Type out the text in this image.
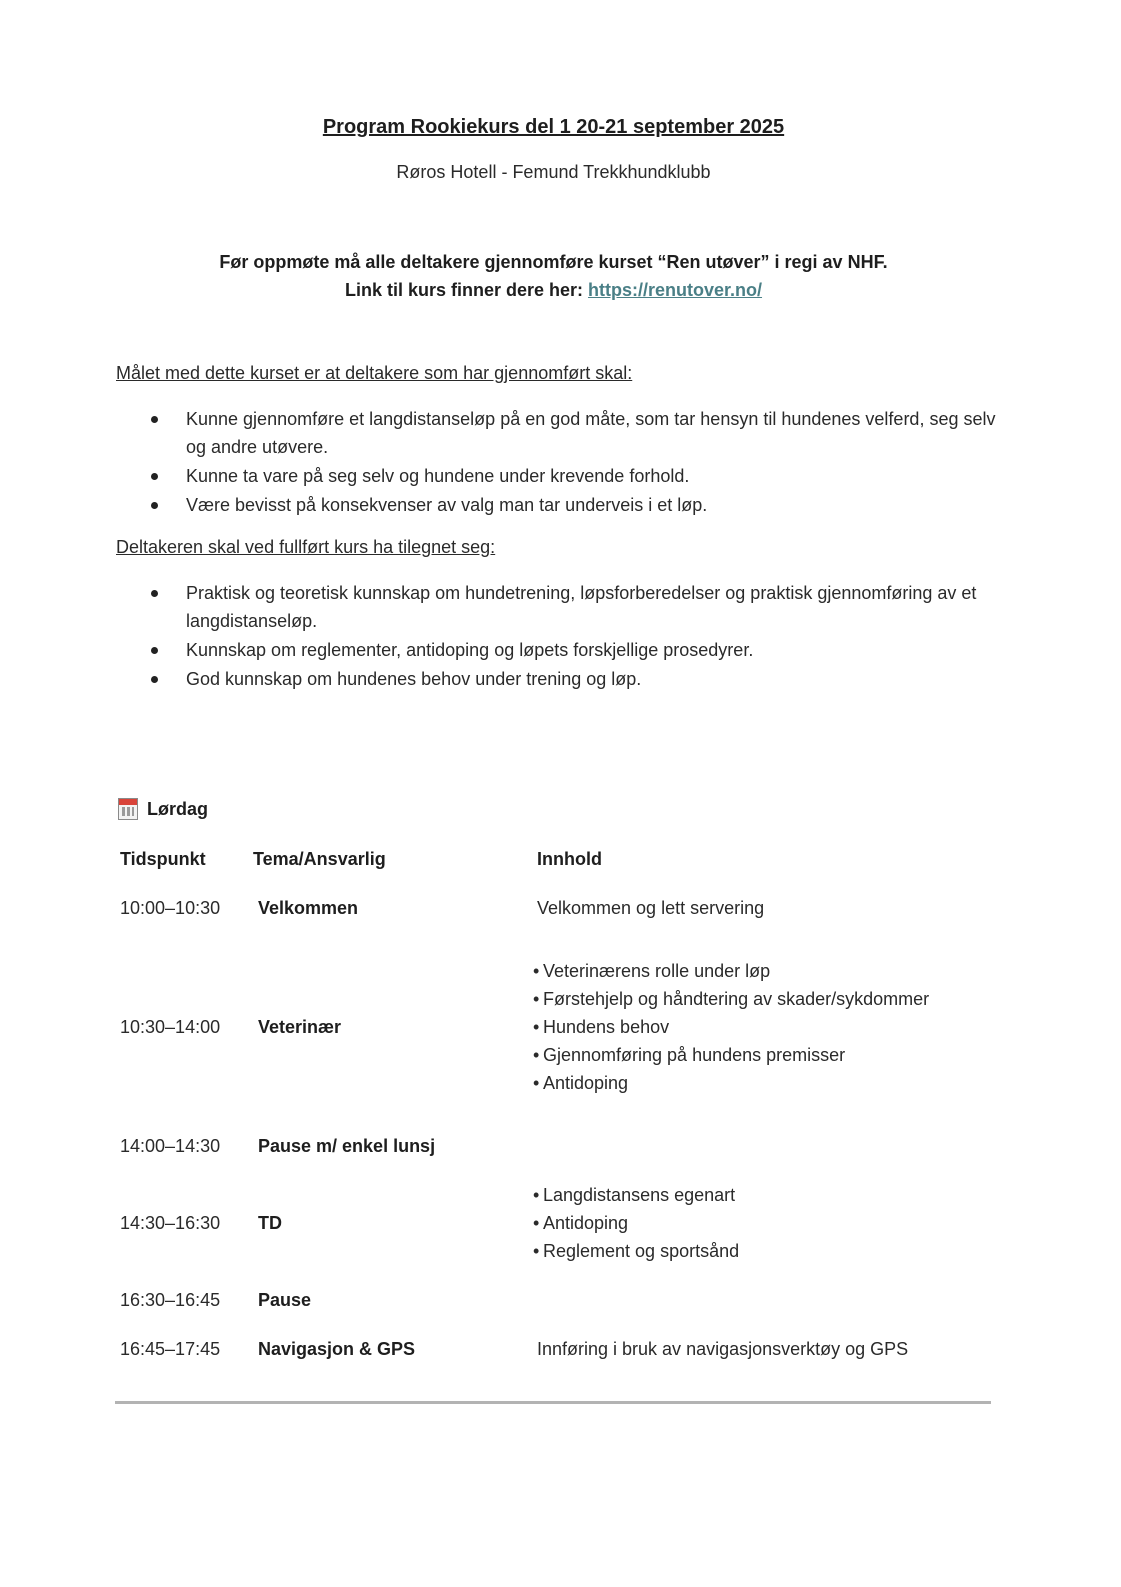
Program Rookiekurs del 1 20-21 september 2025
Røros Hotell - Femund Trekkhundklubb
Før oppmøte må alle deltakere gjennomføre kurset “Ren utøver” i regi av NHF.
Link til kurs finner dere her: https://renutover.no/
Målet med dette kurset er at deltakere som har gjennomført skal:
Kunne gjennomføre et langdistanseløp på en god måte, som tar hensyn til hundenes velferd, seg selv og andre utøvere.
Kunne ta vare på seg selv og hundene under krevende forhold.
Være bevisst på konsekvenser av valg man tar underveis i et løp.
Deltakeren skal ved fullført kurs ha tilegnet seg:
Praktisk og teoretisk kunnskap om hundetrening, løpsforberedelser og praktisk gjennomføring av et langdistanseløp.
Kunnskap om reglementer, antidoping og løpets forskjellige prosedyrer.
God kunnskap om hundenes behov under trening og løp.
Lørdag
Tidspunkt	Tema/Ansvarlig	Innhold
10:00–10:30	Velkommen	Velkommen og lett servering
10:30–14:00	Veterinær
• Veterinærens rolle under løp
• Førstehjelp og håndtering av skader/sykdommer
• Hundens behov
• Gjennomføring på hundens premisser
• Antidoping
14:00–14:30	Pause m/ enkel lunsj
14:30–16:30	TD
• Langdistansens egenart
• Antidoping
• Reglement og sportsånd
16:30–16:45	Pause
16:45–17:45	Navigasjon & GPS	Innføring i bruk av navigasjonsverktøy og GPS
